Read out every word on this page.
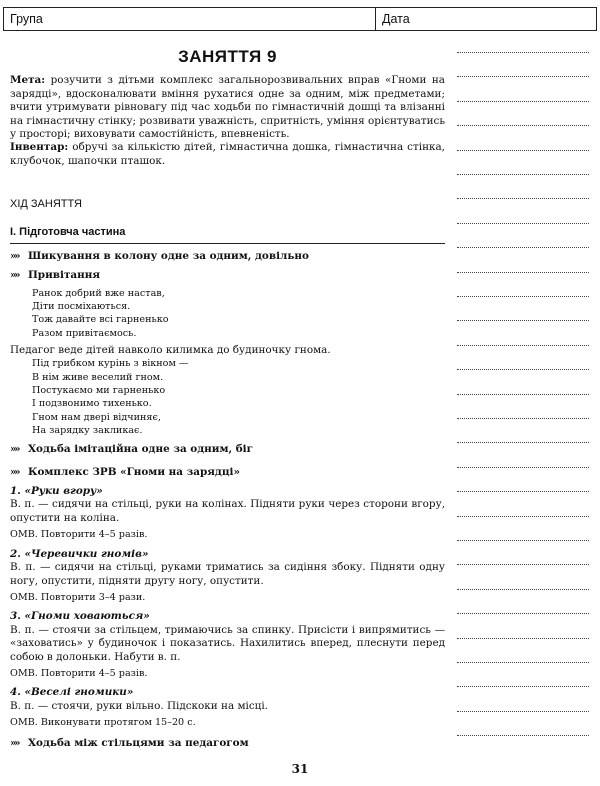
Група	Дата
ЗАНЯТТЯ 9

Мета: розучити з дітьми комплекс загальнорозвивальних вправ «Гноми на зарядці», вдосконалювати вміння рухатися одне за одним, між предметами; вчити утримувати рівновагу під час ходьби по гімнастичній дошці та влізанні на гімнастичну стінку; розвивати уважність, спритність, уміння орієнтуватись у просторі; виховувати самостійність, впевненість.

Інвентар: обручі за кількістю дітей, гімнастична дошка, гімнастична стінка, клубочок, шапочки пташок.

ХІД ЗАНЯТТЯ
І. Підготовча частина
»» Шикування в колону одне за одним, довільно
»» Привітання
Ранок добрий вже настав,
Діти посміхаються.
Тож давайте всі гарненько
Разом привітаємось.

Педагог веде дітей навколо килимка до будиночку гнома.

Під грибком курінь з вікном —
В нім живе веселий гном.
Постукаємо ми гарненько
І подзвонимо тихенько.
Гном нам двері відчиняє,
На зарядку закликає.
»» Ходьба імітаційна одне за одним, біг
»» Комплекс ЗРВ «Гноми на зарядці»
1. «Руки вгору»

В. п. — сидячи на стільці, руки на колінах. Підняти руки через сторони вгору, опустити на коліна.

ОМВ. Повторити 4–5 разів.
2. «Черевички гномів»

В. п. — сидячи на стільці, руками триматись за сидіння збоку. Підняти одну ногу, опустити, підняти другу ногу, опустити.

ОМВ. Повторити 3–4 рази.
3. «Гноми ховаються»

В. п. — стоячи за стільцем, тримаючись за спинку. Присісти і випрямитись — «заховатись» у будиночок і показатись. Нахилитись вперед, плеснути перед собою в долоньки. Набути в. п.

ОМВ. Повторити 4–5 разів.
4. «Веселі гномики»

В. п. — стоячи, руки вільно. Підскоки на місці.

ОМВ. Виконувати протягом 15–20 с.
»» Ходьба між стільцями за педагогом
31
